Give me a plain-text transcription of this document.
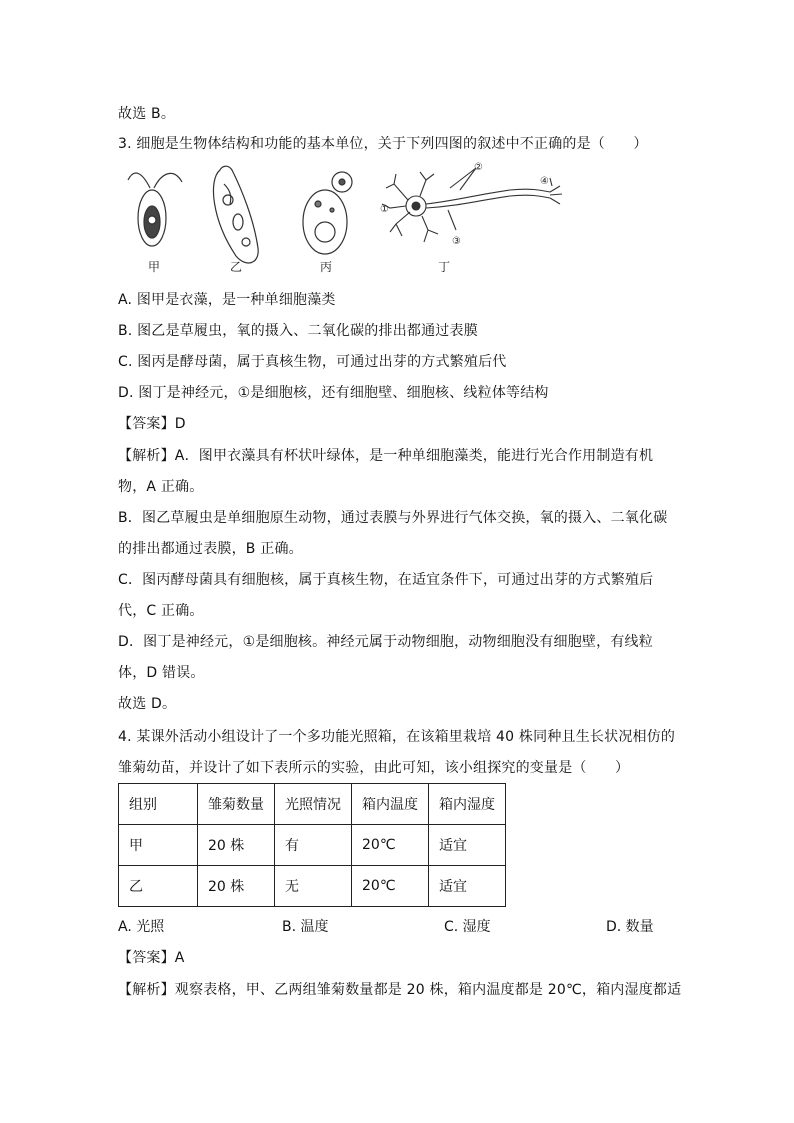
故选 B。
3. 细胞是生物体结构和功能的基本单位，关于下列四图的叙述中不正确的是（　　）
①
②
③
④
甲	乙	丙	丁
A. 图甲是衣藻，是一种单细胞藻类
B. 图乙是草履虫，氧的摄入、二氧化碳的排出都通过表膜
C. 图丙是酵母菌，属于真核生物，可通过出芽的方式繁殖后代
D. 图丁是神经元，①是细胞核，还有细胞壁、细胞核、线粒体等结构
【答案】D
【解析】A．图甲衣藻具有杯状叶绿体，是一种单细胞藻类，能进行光合作用制造有机
物，A 正确。
B．图乙草履虫是单细胞原生动物，通过表膜与外界进行气体交换，氧的摄入、二氧化碳
的排出都通过表膜，B 正确。
C．图丙酵母菌具有细胞核，属于真核生物，在适宜条件下，可通过出芽的方式繁殖后
代，C 正确。
D．图丁是神经元，①是细胞核。神经元属于动物细胞，动物细胞没有细胞壁，有线粒
体，D 错误。
故选 D。
4. 某课外活动小组设计了一个多功能光照箱，在该箱里栽培 40 株同种且生长状况相仿的
雏菊幼苗，并设计了如下表所示的实验，由此可知，该小组探究的变量是（　　）
组别	雏菊数量	光照情况	箱内温度	箱内湿度
甲	20 株	有	20℃	适宜
乙	20 株	无	20℃	适宜
A. 光照	B. 温度	C. 湿度	D. 数量
【答案】A
【解析】观察表格，甲、乙两组雏菊数量都是 20 株，箱内温度都是 20℃，箱内湿度都适
